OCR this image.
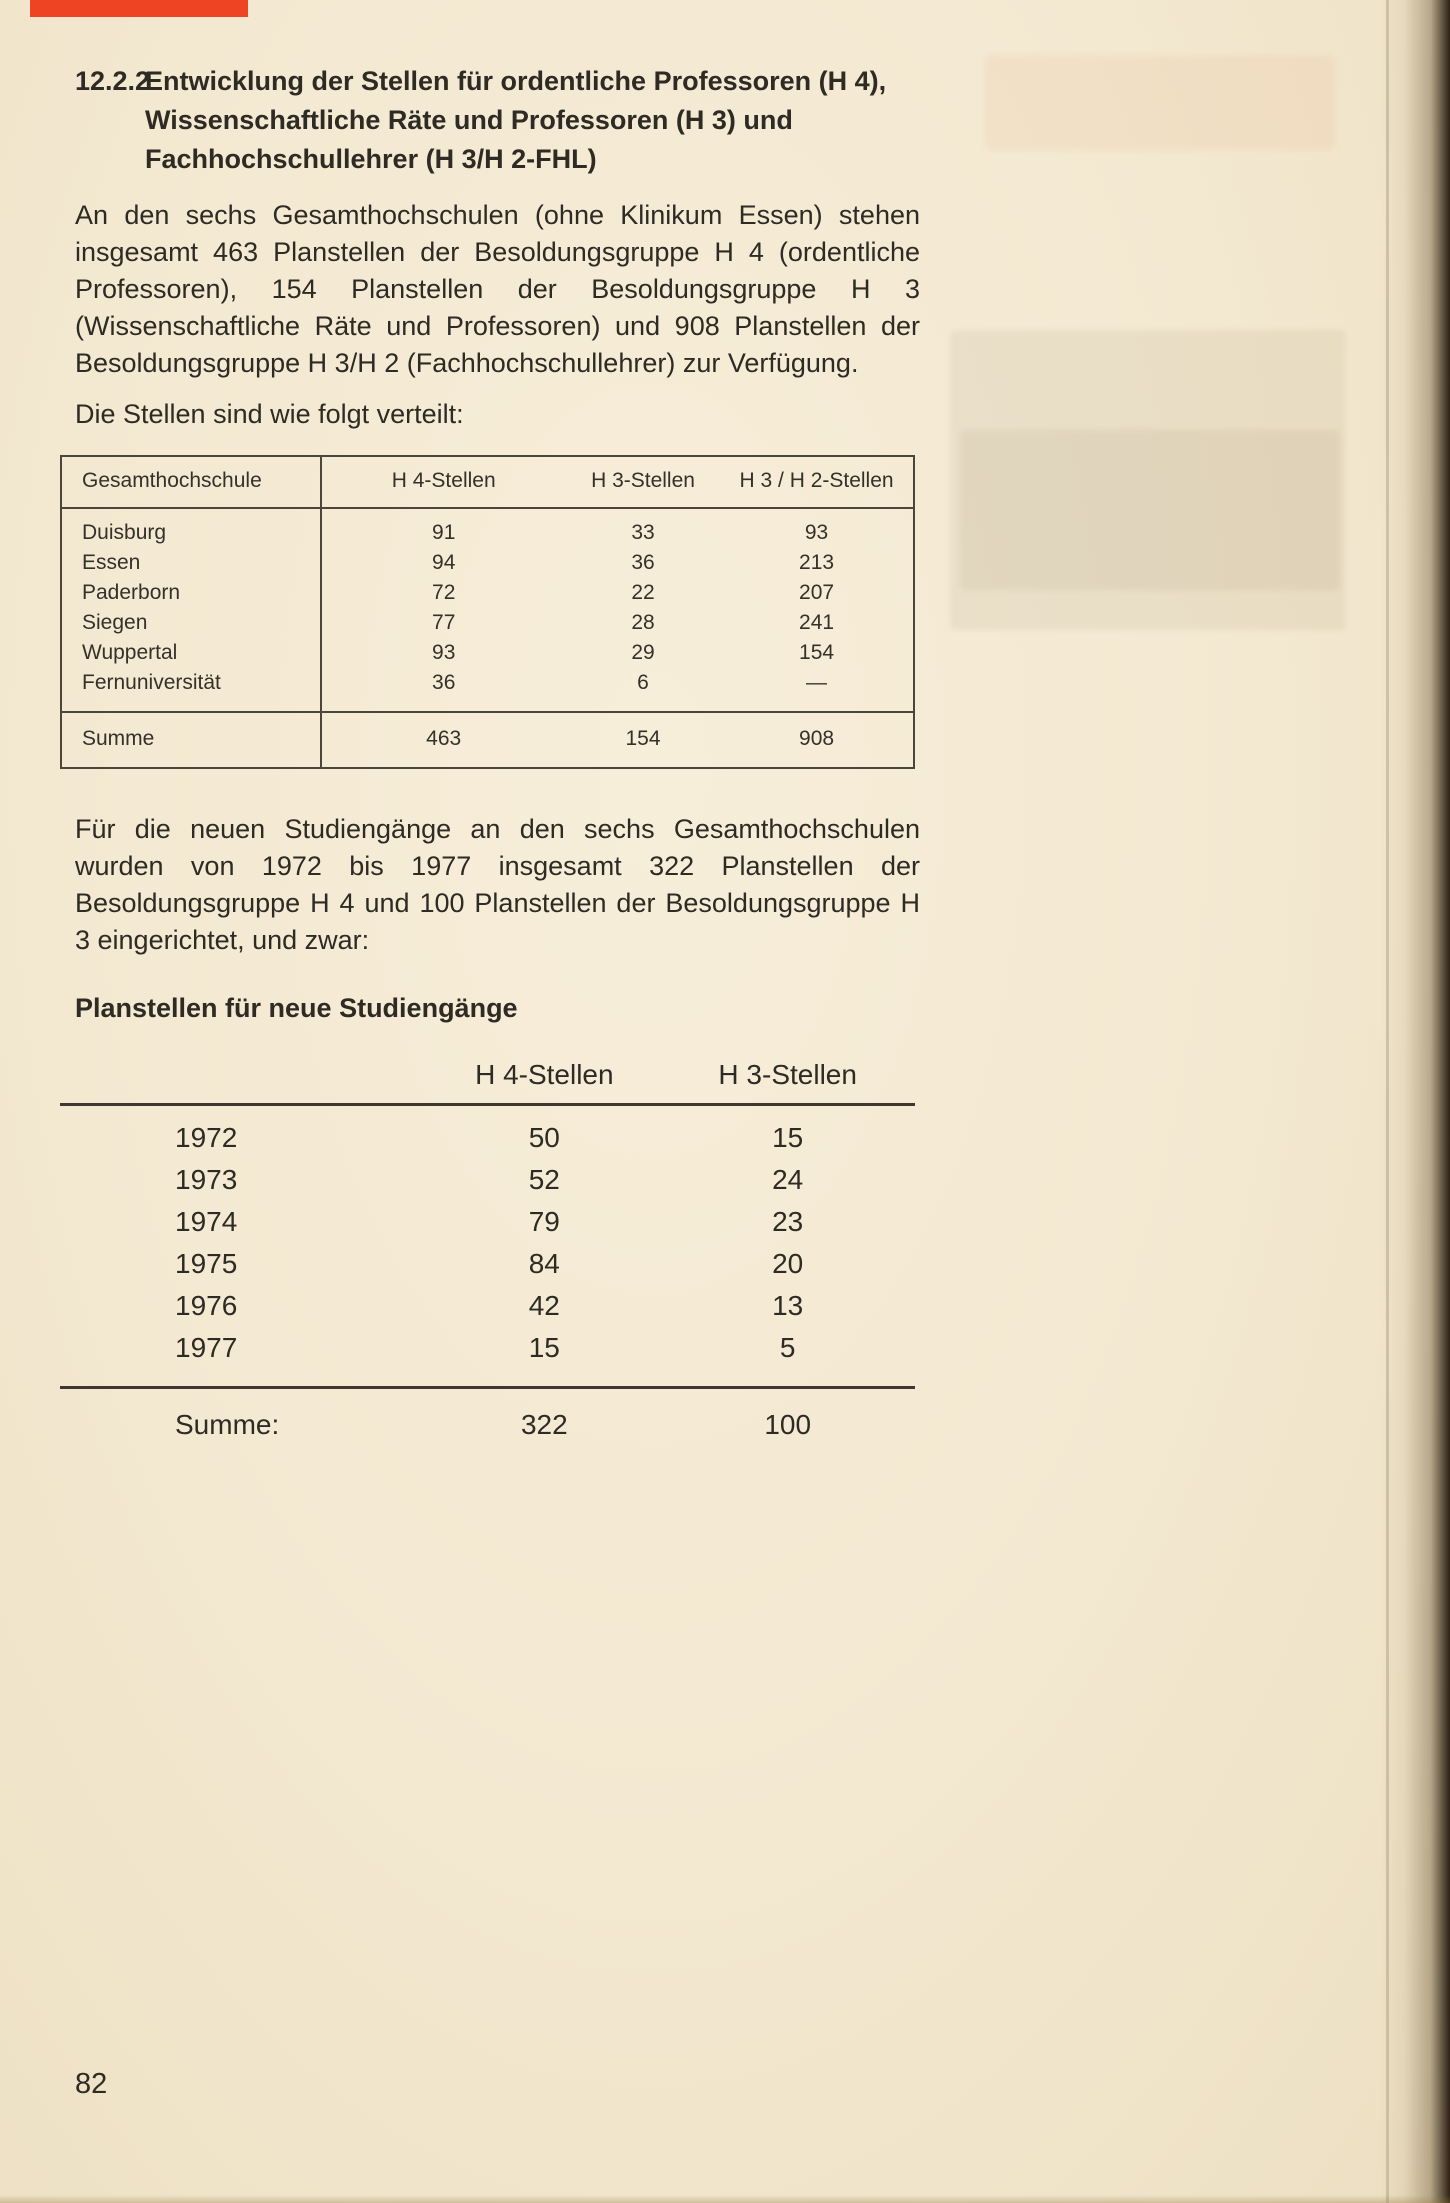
12.2.2
Entwicklung der Stellen für ordentliche Professoren (H 4),
Wissenschaftliche Räte und Professoren (H 3) und
Fachhochschullehrer (H 3/H 2-FHL)

An den sechs Gesamthochschulen (ohne Klinikum Essen) stehen insgesamt 463 Planstellen der Besoldungsgruppe H 4 (ordentliche Professoren), 154 Planstellen der Besoldungsgruppe H 3 (Wissenschaftliche Räte und Professoren) und 908 Planstellen der Besoldungsgruppe H 3/H 2 (Fachhochschullehrer) zur Verfügung.

Die Stellen sind wie folgt verteilt:

Gesamthochschule	H 4-Stellen	H 3-Stellen	H 3 / H 2-Stellen
Duisburg	91	33	93
Essen	94	36	213
Paderborn	72	22	207
Siegen	77	28	241
Wuppertal	93	29	154
Fernuniversität	36	6	—
Summe	463	154	908

Für die neuen Studiengänge an den sechs Gesamthochschulen wurden von 1972 bis 1977 insgesamt 322 Planstellen der Besoldungsgruppe H 4 und 100 Planstellen der Besoldungsgruppe H 3 eingerichtet, und zwar:

Planstellen für neue Studiengänge
	H 4-Stellen	H 3-Stellen
1972	50	15
1973	52	24
1974	79	23
1975	84	20
1976	42	13
1977	15	5
Summe:	322	100
82
